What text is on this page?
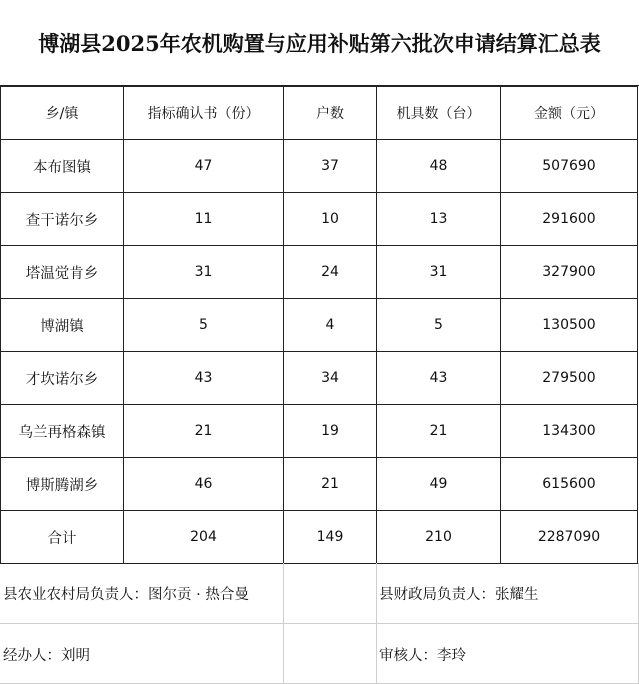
博湖县2025年农机购置与应用补贴第六批次申请结算汇总表
乡/镇	指标确认书（份）	户数	机具数（台）	金额（元）
本布图镇	47	37	48	507690
查干诺尔乡	11	10	13	291600
塔温觉肯乡	31	24	31	327900
博湖镇	5	4	5	130500
才坎诺尔乡	43	34	43	279500
乌兰再格森镇	21	19	21	134300
博斯腾湖乡	46	21	49	615600
合计	204	149	210	2287090
县农业农村局负责人：图尔贡 · 热合曼	县财政局负责人：张耀生
经办人：刘明	审核人：李玲
